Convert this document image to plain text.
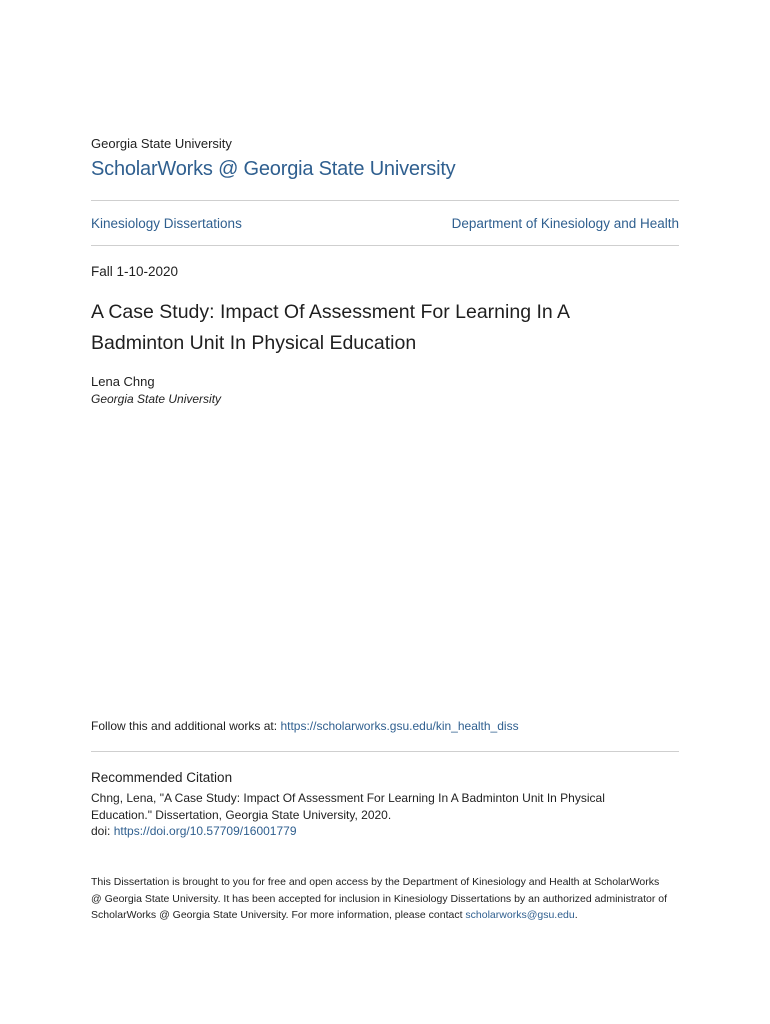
Georgia State University
ScholarWorks @ Georgia State University
Kinesiology Dissertations	Department of Kinesiology and Health
Fall 1-10-2020
A Case Study: Impact Of Assessment For Learning In A Badminton Unit In Physical Education
Lena Chng
Georgia State University
Follow this and additional works at: https://scholarworks.gsu.edu/kin_health_diss
Recommended Citation
Chng, Lena, "A Case Study: Impact Of Assessment For Learning In A Badminton Unit In Physical Education." Dissertation, Georgia State University, 2020.
doi: https://doi.org/10.57709/16001779
This Dissertation is brought to you for free and open access by the Department of Kinesiology and Health at ScholarWorks @ Georgia State University. It has been accepted for inclusion in Kinesiology Dissertations by an authorized administrator of ScholarWorks @ Georgia State University. For more information, please contact scholarworks@gsu.edu.
